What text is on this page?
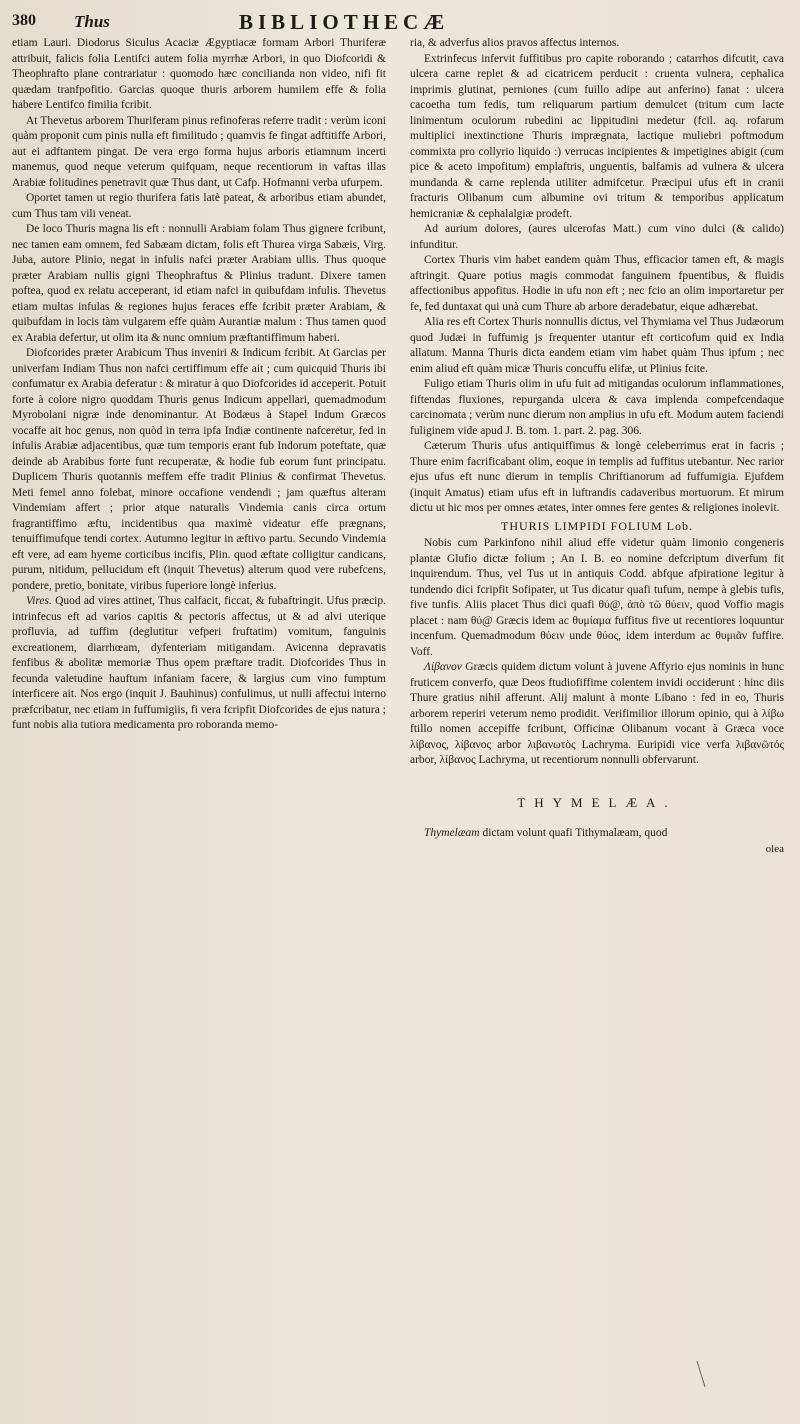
380 Thus	BIBLIOTHECÆ

etiam Lauri. Diodorus Siculus Acaciæ Ægyptiacæ formam Arbori Thuriferæ attribuit, falicis folia Lentifci autem folia myrrhæ Arbori, in quo Diofcoridi & Theophrafto plane contrariatur : quomodo hæc concilianda non video, nifi fit quædam tranfpofitio. Garcias quoque thuris arborem humilem effe & folia habere Lentifco fimilia fcribit.

At Thevetus arborem Thuriferam pinus refinoferas referre tradit : verùm iconi quàm proponit cum pinis nulla eft fimilitudo ; quamvis fe fingat adftitiffe Arbori, aut ei adftantem pingat. De vera ergo forma hujus arboris etiamnum incerti manemus, quod neque veterum quifquam, neque recentiorum in vaftas illas Arabiæ folitudines penetravit quæ Thus dant, ut Cafp. Hofmanni verba ufurpem.

Oportet tamen ut regio thurifera fatis latè pateat, & arboribus etiam abundet, cum Thus tam vili veneat.

De loco Thuris magna lis eft : nonnulli Arabiam folam Thus gignere fcribunt, nec tamen eam omnem, fed Sabæam dictam, folis eft Thurea virga Sabæis, Virg. Juba, autore Plinio, negat in infulis nafci præter Arabiam ullis. Thus quoque præter Arabiam nullis gigni Theophraftus & Plinius tradunt. Dixere tamen poftea, quod ex relatu acceperant, id etiam nafci in quibufdam infulis. Thevetus etiam multas infulas & regiones hujus feraces effe fcribit præter Arabiam, & quibufdam in locis tàm vulgarem effe quàm Aurantiæ malum : Thus tamen quod ex Arabia defertur, ut olim ita & nunc omnium præftantiffimum haberi.

Diofcorides præter Arabicum Thus inveniri & Indicum fcribit. At Garcias per univerfam Indiam Thus non nafci certiffimum effe ait ; cum quicquid Thuris ibi confumatur ex Arabia deferatur : & miratur à quo Diofcorides id acceperit. Potuit forte à colore nigro quoddam Thuris genus Indicum appellari, quemadmodum Myrobolani nigræ inde denominantur. At Bodæus à Stapel Indum Græcos vocaffe ait hoc genus, non quòd in terra ipfa Indiæ continente nafceretur, fed in infulis Arabiæ adjacentibus, quæ tum temporis erant fub Indorum poteftate, quæ deinde ab Arabibus forte funt recuperatæ, & hodie fub eorum funt principatu. Duplicem Thuris quotannis meffem effe tradit Plinius & confirmat Thevetus. Meti femel anno folebat, minore occafione vendendi ; jam quæftus alteram Vindemiam affert ; prior atque naturalis Vindemia canis circa ortum fragrantiffimo æftu, incidentibus qua maximè videatur effe prægnans, tenuiffimufque tendi cortex. Autumno legitur in æftivo partu. Secundo Vindemia eft vere, ad eam hyeme corticibus incifis, Plin. quod æftate colligitur candicans, purum, nitidum, pellucidum eft (inquit Thevetus) alterum quod vere rubefcens, pondere, pretio, bonitate, viribus fuperiore longè inferius.

Vires. Quod ad vires attinet, Thus calfacit, ficcat, & fubaftringit. Ufus præcip. intrinfecus eft ad varios capitis & pectoris affectus, ut & ad alvi uterique profluvia, ad tuffim (deglutitur vefperi fruftatim) vomitum, fanguinis excreationem, diarrhœam, dyfenteriam mitigandam. Avicenna depravatis fenfibus & abolitæ memoriæ Thus opem præftare tradit. Diofcorides Thus in fecunda valetudine hauftum infaniam facere, & largius cum vino fumptum interficere ait. Nos ergo (inquit J. Bauhinus) confulimus, ut nulli affectui interno præfcribatur, nec etiam in fuffumigiis, fi vera fcripfit Diofcorides de ejus natura ; funt nobis alia tutiora medicamenta pro roboranda memo-

ria, & adverfus alios pravos affectus internos.

Extrinfecus infervit fuffitibus pro capite roborando ; catarrhos difcutit, cava ulcera carne replet & ad cicatricem perducit : cruenta vulnera, cephalica imprimis glutinat, perniones (cum fuillo adipe aut anferino) fanat : ulcera cacoetha tum fedis, tum reliquarum partium demulcet (tritum cum lacte linimentum oculorum rubedini ac lippitudini medetur (fcil. aq. rofarum multiplici inextinctione Thuris imprægnata, lactique muliebri poftmodum commixta pro collyrio liquido :) verrucas incipientes & impetigines abigit (cum pice & aceto impofitum) emplaftris, unguentis, balfamis ad vulnera & ulcera mundanda & carne replenda utiliter admifcetur. Præcipui ufus eft in cranii fracturis Olibanum cum albumine ovi tritum & temporibus applicatum hemicraniæ & cephalalgiæ prodeft.

Ad aurium dolores, (aures ulcerofas Matt.) cum vino dulci (& calido) infunditur.

Cortex Thuris vim habet eandem quàm Thus, efficacior tamen eft, & magis aftringit. Quare potius magis commodat fanguinem fpuentibus, & fluidis affectionibus appofitus. Hodie in ufu non eft ; nec fcio an olim importaretur per fe, fed duntaxat qui unà cum Thure ab arbore deradebatur, eique adhærebat.

Alia res eft Cortex Thuris nonnullis dictus, vel Thymiama vel Thus Judæorum quod Judæi in fuffumig js frequenter utantur eft corticofum quid ex India allatum. Manna Thuris dicta eandem etiam vim habet quàm Thus ipfum ; nec enim aliud eft quàm micæ Thuris concuffu elifæ, ut Plinius fcite.

Fuligo etiam Thuris olim in ufu fuit ad mitigandas oculorum inflammationes, fiftendas fluxiones, repurganda ulcera & cava implenda compefcendaque carcinomata ; verùm nunc dierum non amplius in ufu eft. Modum autem faciendi fuliginem vide apud J. B. tom. 1. part. 2. pag. 306.

Cæterum Thuris ufus antiquiffimus & longè celeberrimus erat in facris ; Thure enim facrificabant olim, eoque in templis ad fuffitus utebantur. Nec rarior ejus ufus eft nunc dierum in templis Chriftianorum ad fuffumigia. Ejufdem (inquit Amatus) etiam ufus eft in luftrandis cadaveribus mortuorum. Et mirum dictu ut hic mos per omnes ætates, inter omnes fere gentes & religiones inolevit.

THURIS LIMPIDI FOLIUM Lob.

Nobis cum Parkinfono nihil aliud effe videtur quàm limonio congeneris plantæ Glufio dictæ folium ; An I. B. eo nomine defcriptum diverfum fit inquirendum. Thus, vel Tus ut in antiquis Codd. abfque afpiratione legitur à tundendo dici fcripfit Sofipater, ut Tus dicatur quafi tufum, nempe à glebis tufis, five tunfis. Aliis placet Thus dici quafi θύ@, ἀπὸ τῶ θύειν, quod Voffio magis placet : nam θύ@ Græcis idem ac θυμίαμα fuffitus five ut recentiores loquuntur incenfum. Quemadmodum θύειν unde θύος, idem interdum ac θυμιᾶν fuffire. Voff.

Λίβανον Græcis quidem dictum volunt à juvene Affyrio ejus nominis in hunc fruticem converfo, quæ Deos ftudiofiffime colentem invidi occiderunt : hinc diis Thure gratius nihil afferunt. Alij malunt à monte Libano : fed in eo, Thuris arborem reperiri veterum nemo prodidit. Verifimilior illorum opinio, qui à λίβω ftillo nomen accepiffe fcribunt, Officinæ Olibanum vocant à Græca voce λίβανος, λίβανος arbor λιβανωτὸς Lachryma. Euripidi vice verfa λιβανῶτός arbor, λίβανος Lachryma, ut recentiorum nonnulli obfervarunt.

THYMELÆA.

Thymelæam dictam volunt quafi Tithymalæam, quod

olea
